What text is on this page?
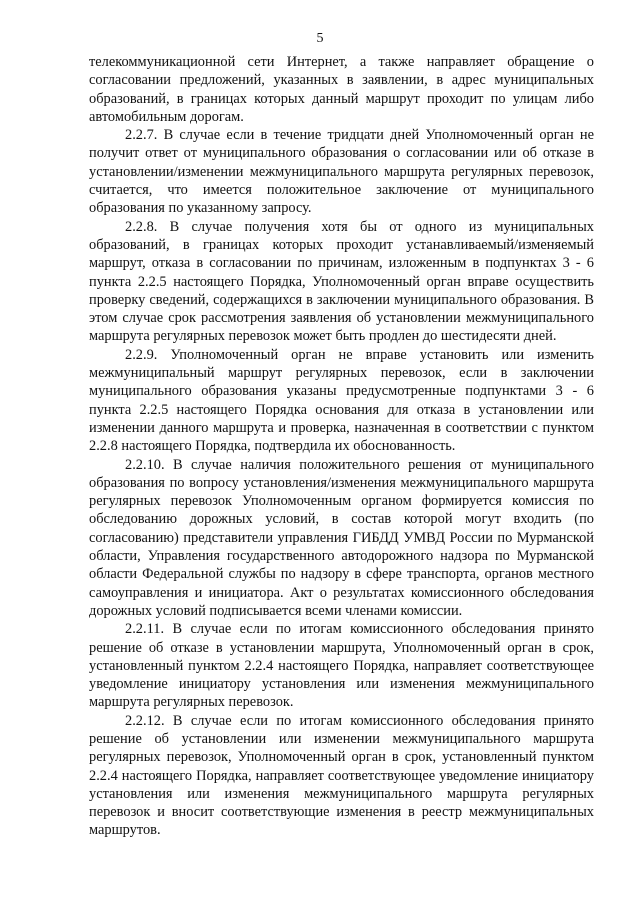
5

телекоммуникационной сети Интернет, а также направляет обращение о согласовании предложений, указанных в заявлении, в адрес муниципальных образований, в границах которых данный маршрут проходит по улицам либо автомобильным дорогам.

2.2.7. В случае если в течение тридцати дней Уполномоченный орган не получит ответ от муниципального образования о согласовании или об отказе в установлении/изменении межмуниципального маршрута регулярных перевозок, считается, что имеется положительное заключение от муниципального образования по указанному запросу.

2.2.8. В случае получения хотя бы от одного из муниципальных образований, в границах которых проходит устанавливаемый/изменяемый маршрут, отказа в согласовании по причинам, изложенным в подпунктах 3 - 6 пункта 2.2.5 настоящего Порядка, Уполномоченный орган вправе осуществить проверку сведений, содержащихся в заключении муниципального образования. В этом случае срок рассмотрения заявления об установлении межмуниципального маршрута регулярных перевозок может быть продлен до шестидесяти дней.

2.2.9. Уполномоченный орган не вправе установить или изменить межмуниципальный маршрут регулярных перевозок, если в заключении муниципального образования указаны предусмотренные подпунктами 3 - 6 пункта 2.2.5 настоящего Порядка основания для отказа в установлении или изменении данного маршрута и проверка, назначенная в соответствии с пунктом 2.2.8 настоящего Порядка, подтвердила их обоснованность.

2.2.10. В случае наличия положительного решения от муниципального образования по вопросу установления/изменения межмуниципального маршрута регулярных перевозок Уполномоченным органом формируется комиссия по обследованию дорожных условий, в состав которой могут входить (по согласованию) представители управления ГИБДД УМВД России по Мурманской области, Управления государственного автодорожного надзора по Мурманской области Федеральной службы по надзору в сфере транспорта, органов местного самоуправления и инициатора. Акт о результатах комиссионного обследования дорожных условий подписывается всеми членами комиссии.

2.2.11. В случае если по итогам комиссионного обследования принято решение об отказе в установлении маршрута, Уполномоченный орган в срок, установленный пунктом 2.2.4 настоящего Порядка, направляет соответствующее уведомление инициатору установления или изменения межмуниципального маршрута регулярных перевозок.

2.2.12. В случае если по итогам комиссионного обследования принято решение об установлении или изменении межмуниципального маршрута регулярных перевозок, Уполномоченный орган в срок, установленный пунктом 2.2.4 настоящего Порядка, направляет соответствующее уведомление инициатору установления или изменения межмуниципального маршрута регулярных перевозок и вносит соответствующие изменения в реестр межмуниципальных маршрутов.
